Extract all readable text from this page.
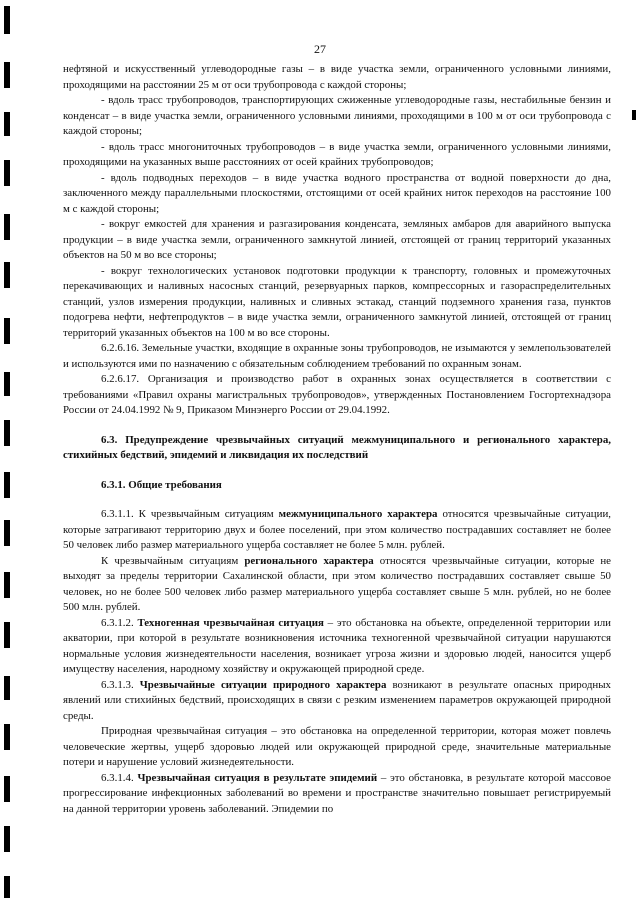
27

нефтяной и искусственный углеводородные газы – в виде участка земли, ограниченного условными линиями, проходящими на расстоянии 25 м от оси трубопровода с каждой стороны;

- вдоль трасс трубопроводов, транспортирующих сжиженные углеводородные газы, нестабильные бензин и конденсат – в виде участка земли, ограниченного условными линиями, проходящими в 100 м от оси трубопровода с каждой стороны;

- вдоль трасс многониточных трубопроводов – в виде участка земли, ограниченного условными линиями, проходящими на указанных выше расстояниях от осей крайних трубопроводов;

- вдоль подводных переходов – в виде участка водного пространства от водной поверхности до дна, заключенного между параллельными плоскостями, отстоящими от осей крайних ниток переходов на расстояние 100 м с каждой стороны;

- вокруг емкостей для хранения и разгазирования конденсата, земляных амбаров для аварийного выпуска продукции – в виде участка земли, ограниченного замкнутой линией, отстоящей от границ территорий указанных объектов на 50 м во все стороны;

- вокруг технологических установок подготовки продукции к транспорту, головных и промежуточных перекачивающих и наливных насосных станций, резервуарных парков, компрессорных и газораспределительных станций, узлов измерения продукции, наливных и сливных эстакад, станций подземного хранения газа, пунктов подогрева нефти, нефтепродуктов – в виде участка земли, ограниченного замкнутой линией, отстоящей от границ территорий указанных объектов на 100 м во все стороны.

6.2.6.16. Земельные участки, входящие в охранные зоны трубопроводов, не изымаются у землепользователей и используются ими по назначению с обязательным соблюдением требований по охранным зонам.

6.2.6.17. Организация и производство работ в охранных зонах осуществляется в соответствии с требованиями «Правил охраны магистральных трубопроводов», утвержденных Постановлением Госгортехнадзора России от 24.04.1992 № 9, Приказом Минэнерго России от 29.04.1992.

6.3. Предупреждение чрезвычайных ситуаций межмуниципального и регионального характера, стихийных бедствий, эпидемий и ликвидация их последствий

6.3.1. Общие требования

6.3.1.1. К чрезвычайным ситуациям межмуниципального характера относятся чрезвычайные ситуации, которые затрагивают территорию двух и более поселений, при этом количество пострадавших составляет не более 50 человек либо размер материального ущерба составляет не более 5 млн. рублей.

К чрезвычайным ситуациям регионального характера относятся чрезвычайные ситуации, которые не выходят за пределы территории Сахалинской области, при этом количество пострадавших составляет свыше 50 человек, но не более 500 человек либо размер материального ущерба составляет свыше 5 млн. рублей, но не более 500 млн. рублей.

6.3.1.2. Техногенная чрезвычайная ситуация – это обстановка на объекте, определенной территории или акватории, при которой в результате возникновения источника техногенной чрезвычайной ситуации нарушаются нормальные условия жизнедеятельности населения, возникает угроза жизни и здоровью людей, наносится ущерб имуществу населения, народному хозяйству и окружающей природной среде.

6.3.1.3. Чрезвычайные ситуации природного характера возникают в результате опасных природных явлений или стихийных бедствий, происходящих в связи с резким изменением параметров окружающей природной среды.

Природная чрезвычайная ситуация – это обстановка на определенной территории, которая может повлечь человеческие жертвы, ущерб здоровью людей или окружающей природной среде, значительные материальные потери и нарушение условий жизнедеятельности.

6.3.1.4. Чрезвычайная ситуация в результате эпидемий – это обстановка, в результате которой массовое прогрессирование инфекционных заболеваний во времени и пространстве значительно повышает регистрируемый на данной территории уровень заболеваний. Эпидемии по
